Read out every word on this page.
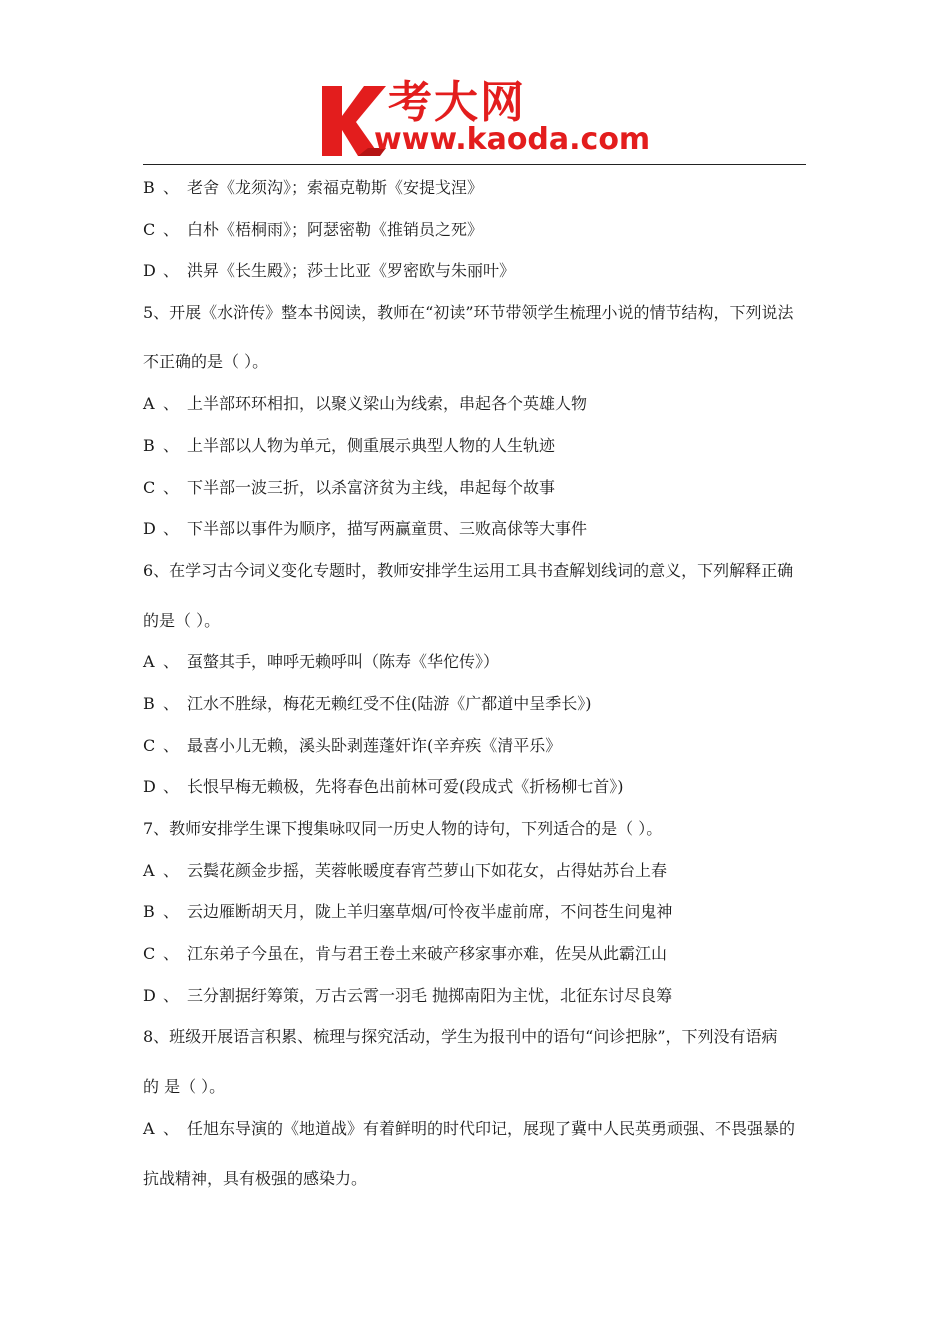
考大网
www.kaoda.com
B 、 老舍《龙须沟》；索福克勒斯《安提戈涅》
C 、 白朴《梧桐雨》；阿瑟密勒《推销员之死》
D 、 洪昇《长生殿》；莎士比亚《罗密欧与朱丽叶》
5、开展《水浒传》整本书阅读，教师在“初读”环节带领学生梳理小说的情节结构，下列说法
不正确的是（ ）。
A 、 上半部环环相扣，以聚义梁山为线索，串起各个英雄人物
B 、 上半部以人物为单元，侧重展示典型人物的人生轨迹
C 、 下半部一波三折，以杀富济贫为主线，串起每个故事
D 、 下半部以事件为顺序，描写两赢童贯、三败高俅等大事件
6、在学习古今词义变化专题时，教师安排学生运用工具书查解划线词的意义，下列解释正确
的是（ ）。
A 、 虿螫其手，呻呼无赖呼叫（陈寿《华佗传》）
B 、 江水不胜绿，梅花无赖红受不住(陆游《广都道中呈季长》)
C 、 最喜小儿无赖，溪头卧剥莲蓬奸诈(辛弃疾《清平乐》
D 、 长恨早梅无赖极，先将春色出前林可爱(段成式《折杨柳七首》)
7、教师安排学生课下搜集咏叹同一历史人物的诗句，下列适合的是（ ）。
A 、 云鬓花颜金步摇，芙蓉帐暖度春宵苎萝山下如花女，占得姑苏台上春
B 、 云边雁断胡天月，陇上羊归塞草烟/可怜夜半虚前席，不问苍生问鬼神
C 、 江东弟子今虽在，肯与君王卷土来破产移家事亦难，佐吴从此霸江山
D 、 三分割据纡筹策，万古云霄一羽毛 抛掷南阳为主忧，北征东讨尽良筹
8、班级开展语言积累、梳理与探究活动，学生为报刊中的语句“问诊把脉”，下列没有语病
的 是（ ）。
A 、 任旭东导演的《地道战》有着鲜明的时代印记，展现了冀中人民英勇顽强、不畏强暴的
抗战精神，具有极强的感染力。
